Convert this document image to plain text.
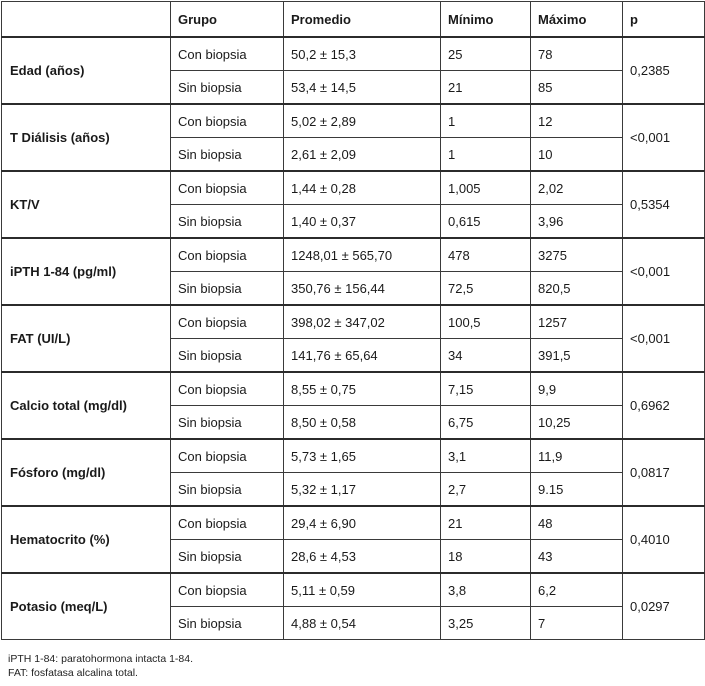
	Grupo	Promedio	Mínimo	Máximo	p
Edad (años)	Con biopsia	50,2 ± 15,3	25	78	0,2385
	Sin biopsia	53,4 ± 14,5	21	85	
T Diálisis (años)	Con biopsia	5,02 ± 2,89	1	12	<0,001
	Sin biopsia	2,61 ± 2,09	1	10	
KT/V	Con biopsia	1,44 ± 0,28	1,005	2,02	0,5354
	Sin biopsia	1,40 ± 0,37	0,615	3,96	
iPTH 1-84 (pg/ml)	Con biopsia	1248,01 ± 565,70	478	3275	<0,001
	Sin biopsia	350,76 ± 156,44	72,5	820,5	
FAT (UI/L)	Con biopsia	398,02 ± 347,02	100,5	1257	<0,001
	Sin biopsia	141,76 ± 65,64	34	391,5	
Calcio total (mg/dl)	Con biopsia	8,55 ± 0,75	7,15	9,9	0,6962
	Sin biopsia	8,50 ± 0,58	6,75	10,25	
Fósforo (mg/dl)	Con biopsia	5,73 ± 1,65	3,1	11,9	0,0817
	Sin biopsia	5,32 ± 1,17	2,7	9.15	
Hematocrito (%)	Con biopsia	29,4 ± 6,90	21	48	0,4010
	Sin biopsia	28,6 ± 4,53	18	43	
Potasio (meq/L)	Con biopsia	5,11 ± 0,59	3,8	6,2	0,0297
	Sin biopsia	4,88 ± 0,54	3,25	7	
iPTH 1-84: paratohormona intacta 1-84.
FAT: fosfatasa alcalina total.
